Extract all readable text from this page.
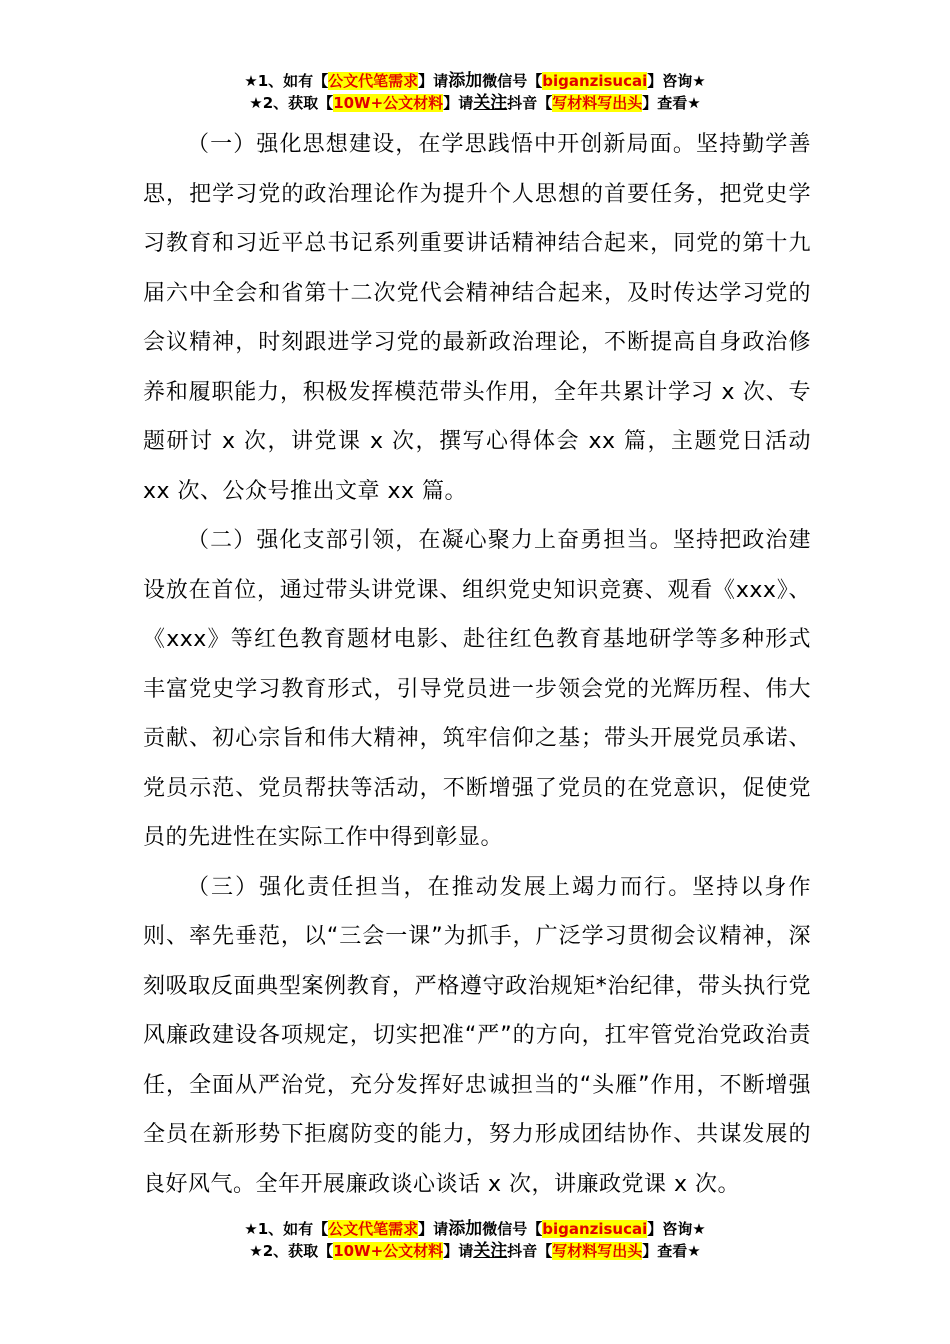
★1、如有【公文代笔需求】请添加微信号【biganzisucai】咨询★
★2、获取【10W+公文材料】请关注抖音【写材料写出头】查看★

（一）强化思想建设，在学思践悟中开创新局面。坚持勤学善思，把学习党的政治理论作为提升个人思想的首要任务，把党史学习教育和习近平总书记系列重要讲话精神结合起来，同党的第十九届六中全会和省第十二次党代会精神结合起来，及时传达学习党的会议精神，时刻跟进学习党的最新政治理论，不断提高自身政治修养和履职能力，积极发挥模范带头作用，全年共累计学习 x 次、专题研讨 x 次，讲党课 x 次，撰写心得体会 xx 篇，主题党日活动 xx 次、公众号推出文章 xx 篇。

（二）强化支部引领，在凝心聚力上奋勇担当。坚持把政治建设放在首位，通过带头讲党课、组织党史知识竞赛、观看《xxx》、《xxx》等红色教育题材电影、赴往红色教育基地研学等多种形式丰富党史学习教育形式，引导党员进一步领会党的光辉历程、伟大贡献、初心宗旨和伟大精神，筑牢信仰之基；带头开展党员承诺、党员示范、党员帮扶等活动，不断增强了党员的在党意识，促使党员的先进性在实际工作中得到彰显。

（三）强化责任担当，在推动发展上竭力而行。坚持以身作则、率先垂范，以“三会一课”为抓手，广泛学习贯彻会议精神，深刻吸取反面典型案例教育，严格遵守政治规矩*治纪律，带头执行党风廉政建设各项规定，切实把准“严”的方向，扛牢管党治党政治责任，全面从严治党，充分发挥好忠诚担当的“头雁”作用，不断增强全员在新形势下拒腐防变的能力，努力形成团结协作、共谋发展的良好风气。全年开展廉政谈心谈话 x 次，讲廉政党课 x 次。

★1、如有【公文代笔需求】请添加微信号【biganzisucai】咨询★
★2、获取【10W+公文材料】请关注抖音【写材料写出头】查看★
